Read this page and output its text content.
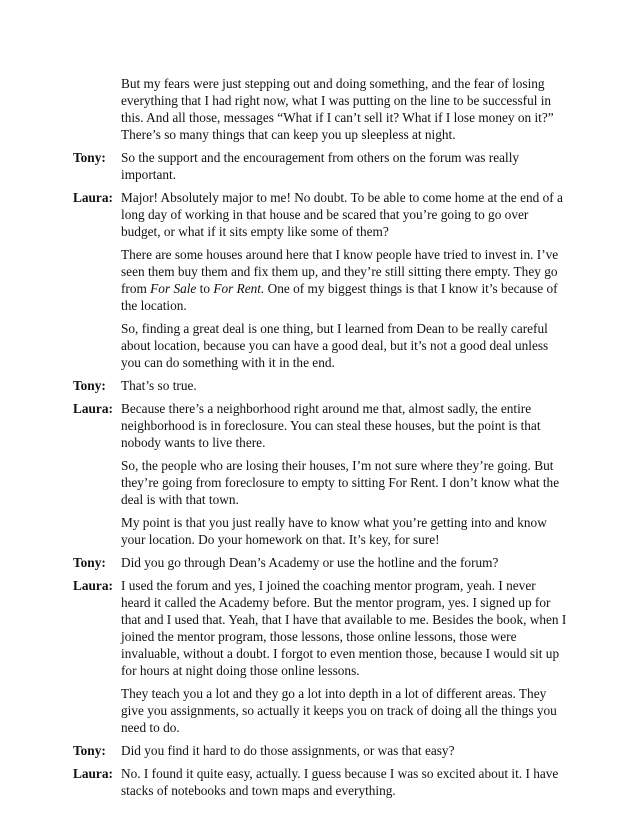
But my fears were just stepping out and doing something, and the fear of losing everything that I had right now, what I was putting on the line to be successful in this. And all those, messages “What if I can’t sell it? What if I lose money on it?” There’s so many things that can keep you up sleepless at night.

Tony:	So the support and the encouragement from others on the forum was really important.

Laura: Major! Absolutely major to me! No doubt. To be able to come home at the end of a long day of working in that house and be scared that you’re going to go over budget, or what if it sits empty like some of them?

There are some houses around here that I know people have tried to invest in. I’ve seen them buy them and fix them up, and they’re still sitting there empty. They go from For Sale to For Rent. One of my biggest things is that I know it’s because of the location.

So, finding a great deal is one thing, but I learned from Dean to be really careful about location, because you can have a good deal, but it’s not a good deal unless you can do something with it in the end.

Tony:	That’s so true.

Laura: Because there’s a neighborhood right around me that, almost sadly, the entire neighborhood is in foreclosure. You can steal these houses, but the point is that nobody wants to live there.

So, the people who are losing their houses, I’m not sure where they’re going. But they’re going from foreclosure to empty to sitting For Rent. I don’t know what the deal is with that town.

My point is that you just really have to know what you’re getting into and know your location. Do your homework on that. It’s key, for sure!

Tony:	Did you go through Dean’s Academy or use the hotline and the forum?

Laura: I used the forum and yes, I joined the coaching mentor program, yeah. I never heard it called the Academy before. But the mentor program, yes. I signed up for that and I used that. Yeah, that I have that available to me. Besides the book, when I joined the mentor program, those lessons, those online lessons, those were invaluable, without a doubt. I forgot to even mention those, because I would sit up for hours at night doing those online lessons.

They teach you a lot and they go a lot into depth in a lot of different areas. They give you assignments, so actually it keeps you on track of doing all the things you need to do.

Tony:	Did you find it hard to do those assignments, or was that easy?

Laura: No. I found it quite easy, actually. I guess because I was so excited about it. I have stacks of notebooks and town maps and everything.
